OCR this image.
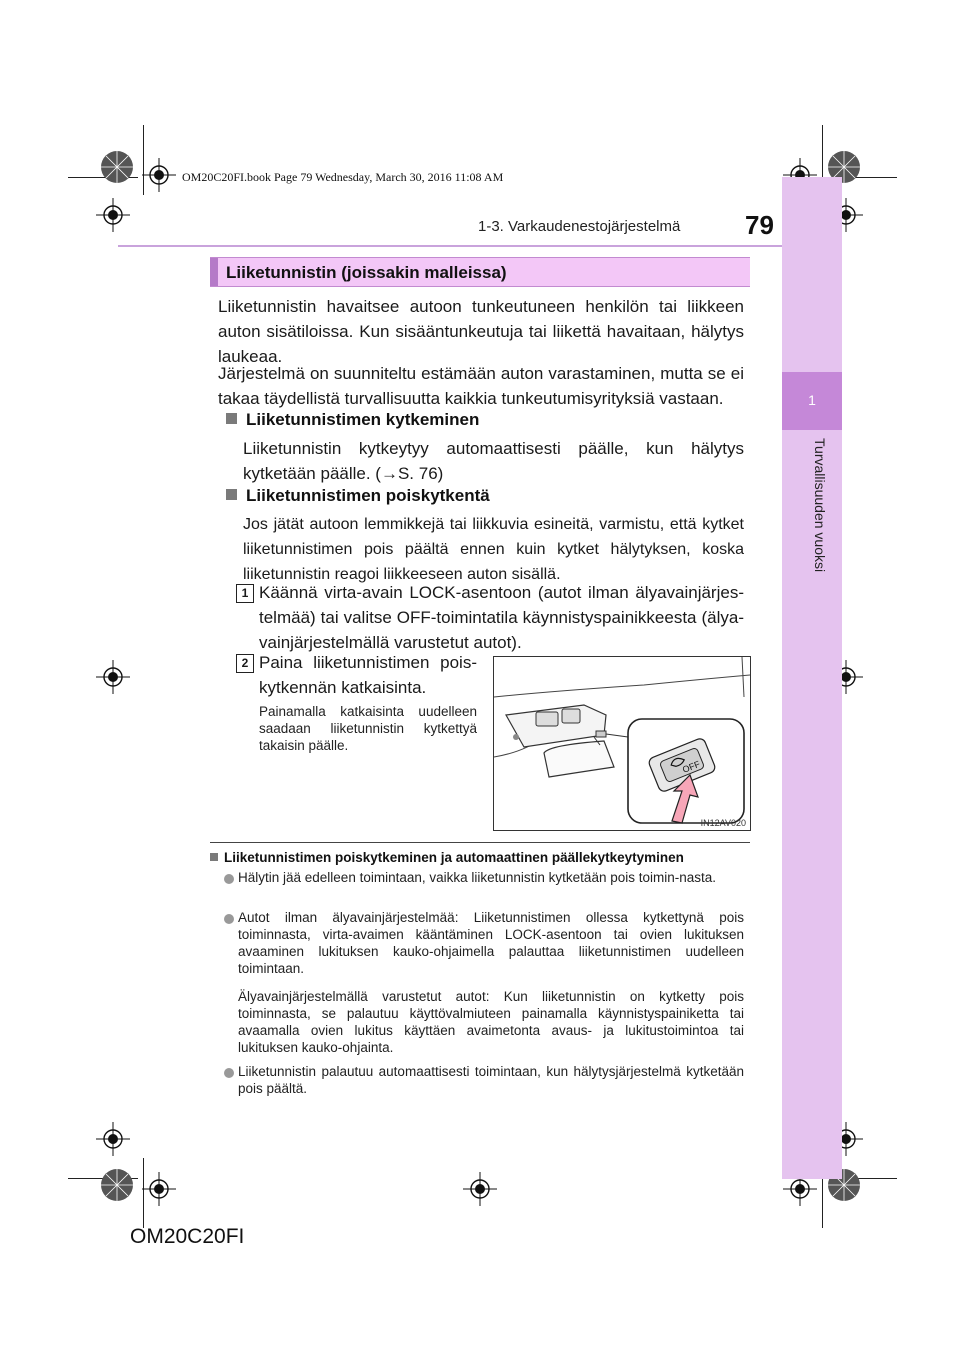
1
Turvallisuuden vuoksi
OM20C20FI.book Page 79 Wednesday, March 30, 2016 11:08 AM
1-3. Varkaudenestojärjestelmä 79
Liiketunnistin (joissakin malleissa)
Liiketunnistin havaitsee autoon tunkeutuneen henkilön tai liikkeen auton sisätiloissa. Kun sisääntunkeutuja tai liikettä havaitaan, hälytys laukeaa.
Järjestelmä on suunniteltu estämään auton varastaminen, mutta se ei takaa täydellistä turvallisuutta kaikkia tunkeutumisyrityksiä vastaan.
Liiketunnistimen kytkeminen
Liiketunnistin kytkeytyy automaattisesti päälle, kun hälytys kytketään päälle. (→S. 76)
Liiketunnistimen poiskytkentä
Jos jätät autoon lemmikkejä tai liikkuvia esineitä, varmistu, että kytket liiketunnistimen pois päältä ennen kuin kytket hälytyksen, koska liiketunnistin reagoi liikkeeseen auton sisällä.
1 Käännä virta-avain LOCK-asentoon (autot ilman älyavainjärjes-telmää) tai valitse OFF-toimintatila käynnistyspainikkeesta (älya-vainjärjestelmällä varustetut autot).
2 Paina liiketunnistimen pois-kytkennän katkaisinta.
Painamalla katkaisinta uudelleen saadaan liiketunnistin kytkettyä takaisin päälle.
OFF
IN12AV020
Liiketunnistimen poiskytkeminen ja automaattinen päällekytkeytyminen
Hälytin jää edelleen toimintaan, vaikka liiketunnistin kytketään pois toimin-nasta.
Autot ilman älyavainjärjestelmää: Liiketunnistimen ollessa kytkettynä pois toiminnasta, virta-avaimen kääntäminen LOCK-asentoon tai ovien lukituksen avaaminen lukituksen kauko-ohjaimella palauttaa liiketunnistimen uudelleen toimintaan.
Älyavainjärjestelmällä varustetut autot: Kun liiketunnistin on kytketty pois toiminnasta, se palautuu käyttövalmiuteen painamalla käynnistyspainiketta tai avaamalla ovien lukitus käyttäen avaimetonta avaus- ja lukitustoimintoa tai lukituksen kauko-ohjainta.
Liiketunnistin palautuu automaattisesti toimintaan, kun hälytysjärjestelmä kytketään pois päältä.
OM20C20FI
